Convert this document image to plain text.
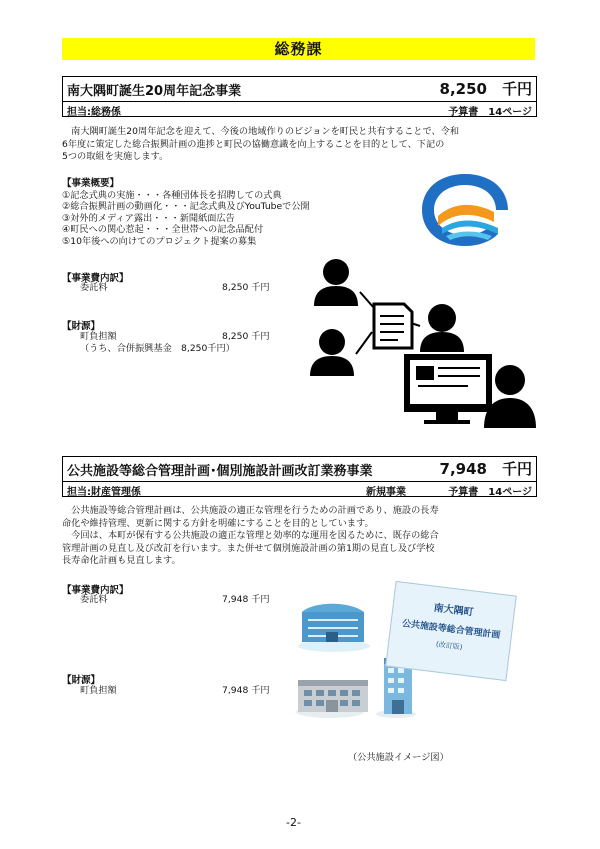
総務課
南大隅町誕生20周年記念事業	8,250　千円
担当:総務係	予算書　14ページ
　南大隅町誕生20周年記念を迎えて、今後の地域作りのビジョンを町民と共有することで、令和
6年度に策定した総合振興計画の進捗と町民の協働意識を向上することを目的として、下記の
5つの取組を実施します。
【事業概要】
①記念式典の実施・・・各種団体長を招聘しての式典
②総合振興計画の動画化・・・記念式典及びYouTubeで公開
③対外的メディア露出・・・新聞紙面広告
④町民への関心惹起・・・全世帯への記念品配付
⑤10年後への向けてのプロジェクト提案の募集
【事業費内訳】
委託料	8,250 千円
【財源】
町負担額	8,250 千円
（うち、合併振興基金　8,250千円）
公共施設等総合管理計画･個別施設計画改訂業務事業	7,948　千円
担当:財産管理係	新規事業	予算書　14ページ
　公共施設等総合管理計画は、公共施設の適正な管理を行うための計画であり、施設の長寿
命化や維持管理、更新に関する方針を明確にすることを目的としています。
　今回は、本町が保有する公共施設の適正な管理と効率的な運用を図るために、既存の総合
管理計画の見直し及び改訂を行います。また併せて個別施設計画の第1期の見直し及び学校
長寿命化計画も見直します。
【事業費内訳】
委託料	7,948 千円
【財源】
町負担額	7,948 千円
南大隅町
公共施設等総合管理計画
(改訂版)
（公共施設イメージ図）
-2-
